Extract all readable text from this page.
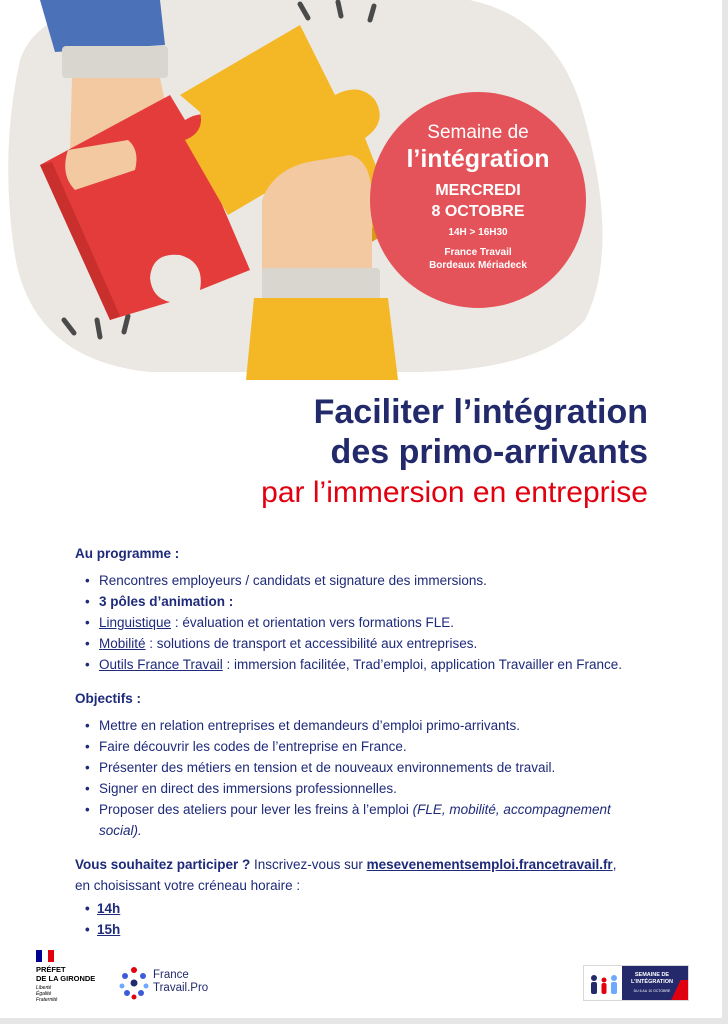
Semaine de
l’intégration
MERCREDI
8 OCTOBRE
14H > 16H30
France Travail
Bordeaux Mériadeck
Faciliter l’intégration
des primo-arrivants
par l’immersion en entreprise
Au programme :
• Rencontres employeurs / candidats et signature des immersions.
• 3 pôles d’animation :
• Linguistique : évaluation et orientation vers formations FLE.
• Mobilité : solutions de transport et accessibilité aux entreprises.
• Outils France Travail : immersion facilitée, Trad’emploi, application Travailler en France.
Objectifs :
• Mettre en relation entreprises et demandeurs d’emploi primo-arrivants.
• Faire découvrir les codes de l’entreprise en France.
• Présenter des métiers en tension et de nouveaux environnements de travail.
• Signer en direct des immersions professionnelles.
• Proposer des ateliers pour lever les freins à l’emploi (FLE, mobilité, accompagnement social).
Vous souhaitez participer ? Inscrivez-vous sur mesevenementsemploi.francetravail.fr, en choisissant votre créneau horaire :
• 14h
• 15h
PRÉFET
DE LA GIRONDE
Liberté
Égalité
Fraternité
France
Travail.Pro
SEMAINE DE
L’INTÉGRATION
DU 6 AU 10 OCTOBRE
